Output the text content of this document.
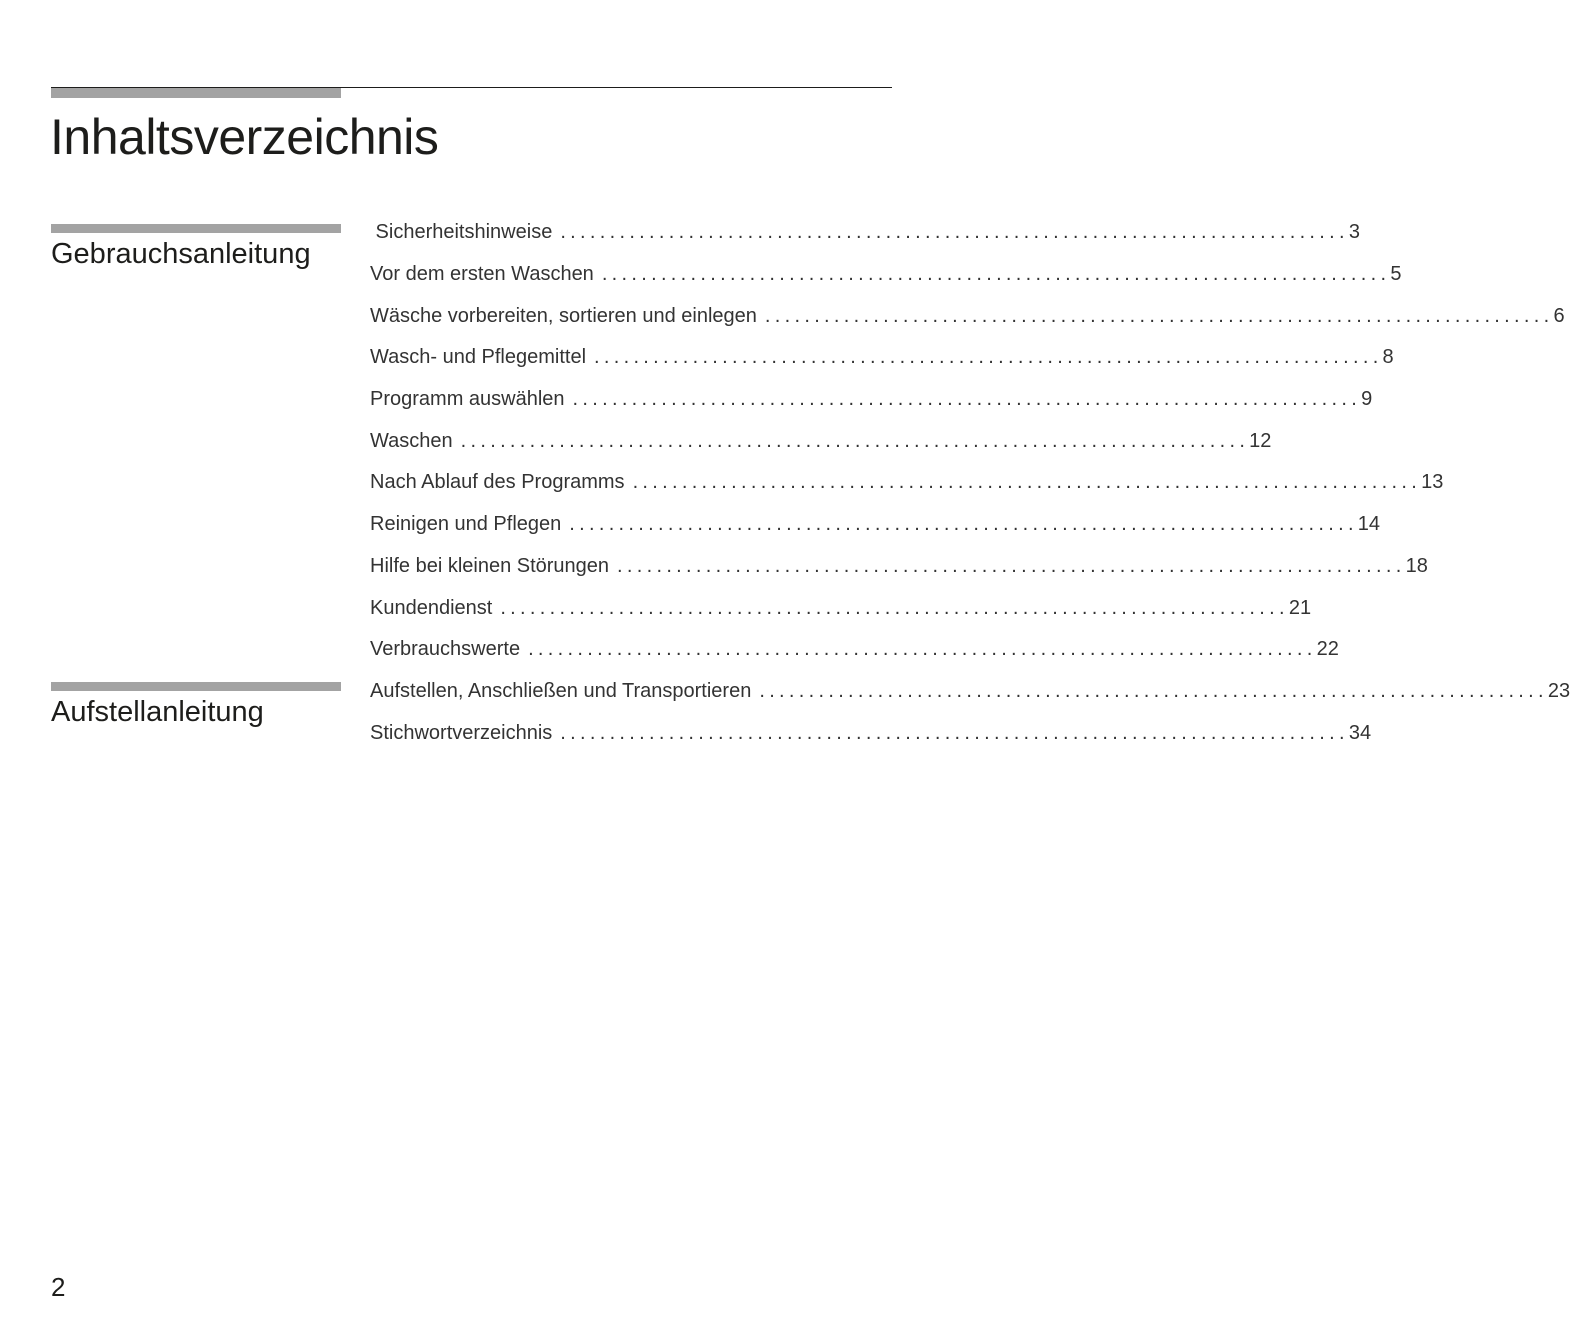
Inhaltsverzeichnis
Gebrauchsanleitung
Aufstellanleitung
Sicherheitshinweise ................................................................................ 3
Vor dem ersten Waschen ................................................................................ 5
Wäsche vorbereiten, sortieren und einlegen ................................................................................ 6
Wasch- und Pflegemittel ................................................................................ 8
Programm auswählen ................................................................................ 9
Waschen ................................................................................ 12
Nach Ablauf des Programms ................................................................................ 13
Reinigen und Pflegen ................................................................................ 14
Hilfe bei kleinen Störungen ................................................................................ 18
Kundendienst ................................................................................ 21
Verbrauchswerte ................................................................................ 22
Aufstellen, Anschließen und Transportieren ................................................................................ 23
Stichwortverzeichnis ................................................................................ 34
2
